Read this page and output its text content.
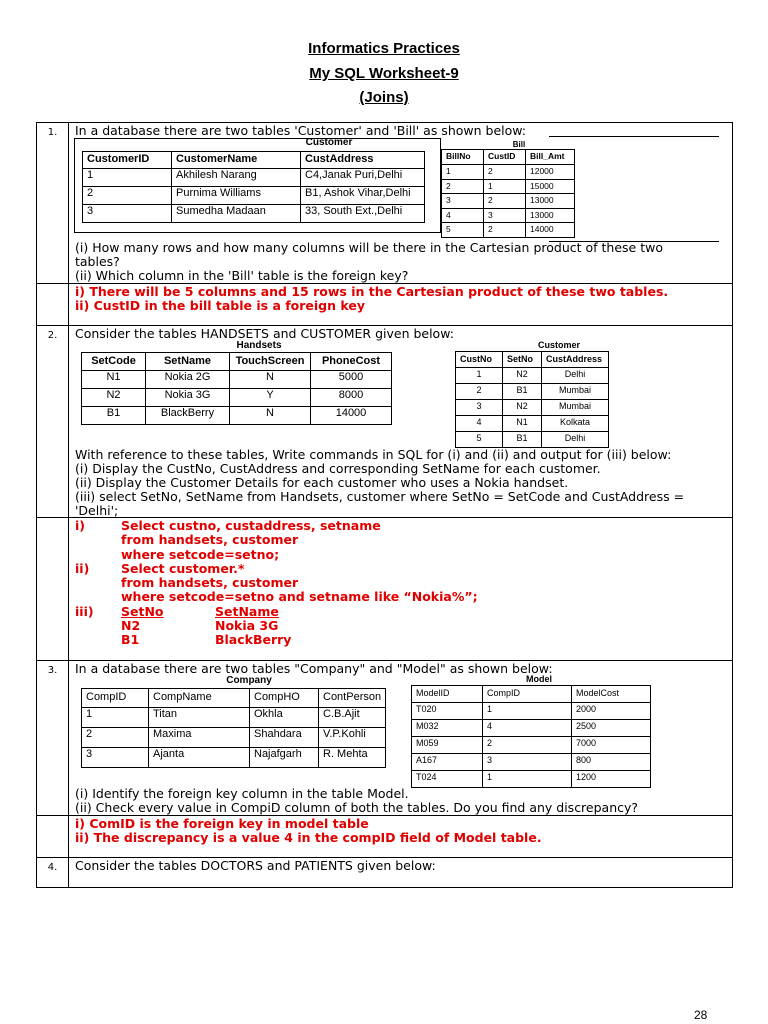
Informatics Practices
My SQL Worksheet-9
(Joins)
1.	In a database there are two tables 'Customer' and 'Bill' as shown below:
Customer
CustomerID	CustomerName	CustAddress
1	Akhilesh Narang	C4,Janak Puri,Delhi
2	Purnima Williams	B1, Ashok Vihar,Delhi
3	Sumedha Madaan	33, South Ext.,Delhi
Bill
BillNo	CustID	Bill_Amt
1	2	12000
2	1	15000
3	2	13000
4	3	13000
5	2	14000
(i) How many rows and how many columns will be there in the Cartesian product of these two
tables?
(ii) Which column in the 'Bill' table is the foreign key?

i) There will be 5 columns and 15 rows in the Cartesian product of these two tables.
ii) CustID in the bill table is a foreign key

2.	Consider the tables HANDSETS and CUSTOMER given below:
Handsets
SetCode	SetName	TouchScreen	PhoneCost
N1	Nokia 2G	N	5000
N2	Nokia 3G	Y	8000
B1	BlackBerry	N	14000
Customer
CustNo	SetNo	CustAddress
1	N2	Delhi
2	B1	Mumbai
3	N2	Mumbai
4	N1	Kolkata
5	B1	Delhi
With reference to these tables, Write commands in SQL for (i) and (ii) and output for (iii) below:
(i) Display the CustNo, CustAddress and corresponding SetName for each customer.
(ii) Display the Customer Details for each customer who uses a Nokia handset.
(iii) select SetNo, SetName from Handsets, customer where SetNo = SetCode and CustAddress =
'Delhi';

i)	Select custno, custaddress, setname
from handsets, customer
where setcode=setno;
ii)	Select customer.*
from handsets, customer
where setcode=setno and setname like “Nokia%”;
iii)	SetNo	SetName
N2	Nokia 3G
B1	BlackBerry

3.	In a database there are two tables "Company" and "Model" as shown below:
Company
CompID	CompName	CompHO	ContPerson
1	Titan	Okhla	C.B.Ajit
2	Maxima	Shahdara	V.P.Kohli
3	Ajanta	Najafgarh	R. Mehta
Model
ModelID	CompID	ModelCost
T020	1	2000
M032	4	2500
M059	2	7000
A167	3	800
T024	1	1200
(i) Identify the foreign key column in the table Model.
(ii) Check every value in CompiD column of both the tables. Do you find any discrepancy?

i) ComID is the foreign key in model table
ii) The discrepancy is a value 4 in the compID field of Model table.

4.	Consider the tables DOCTORS and PATIENTS given below:
28
